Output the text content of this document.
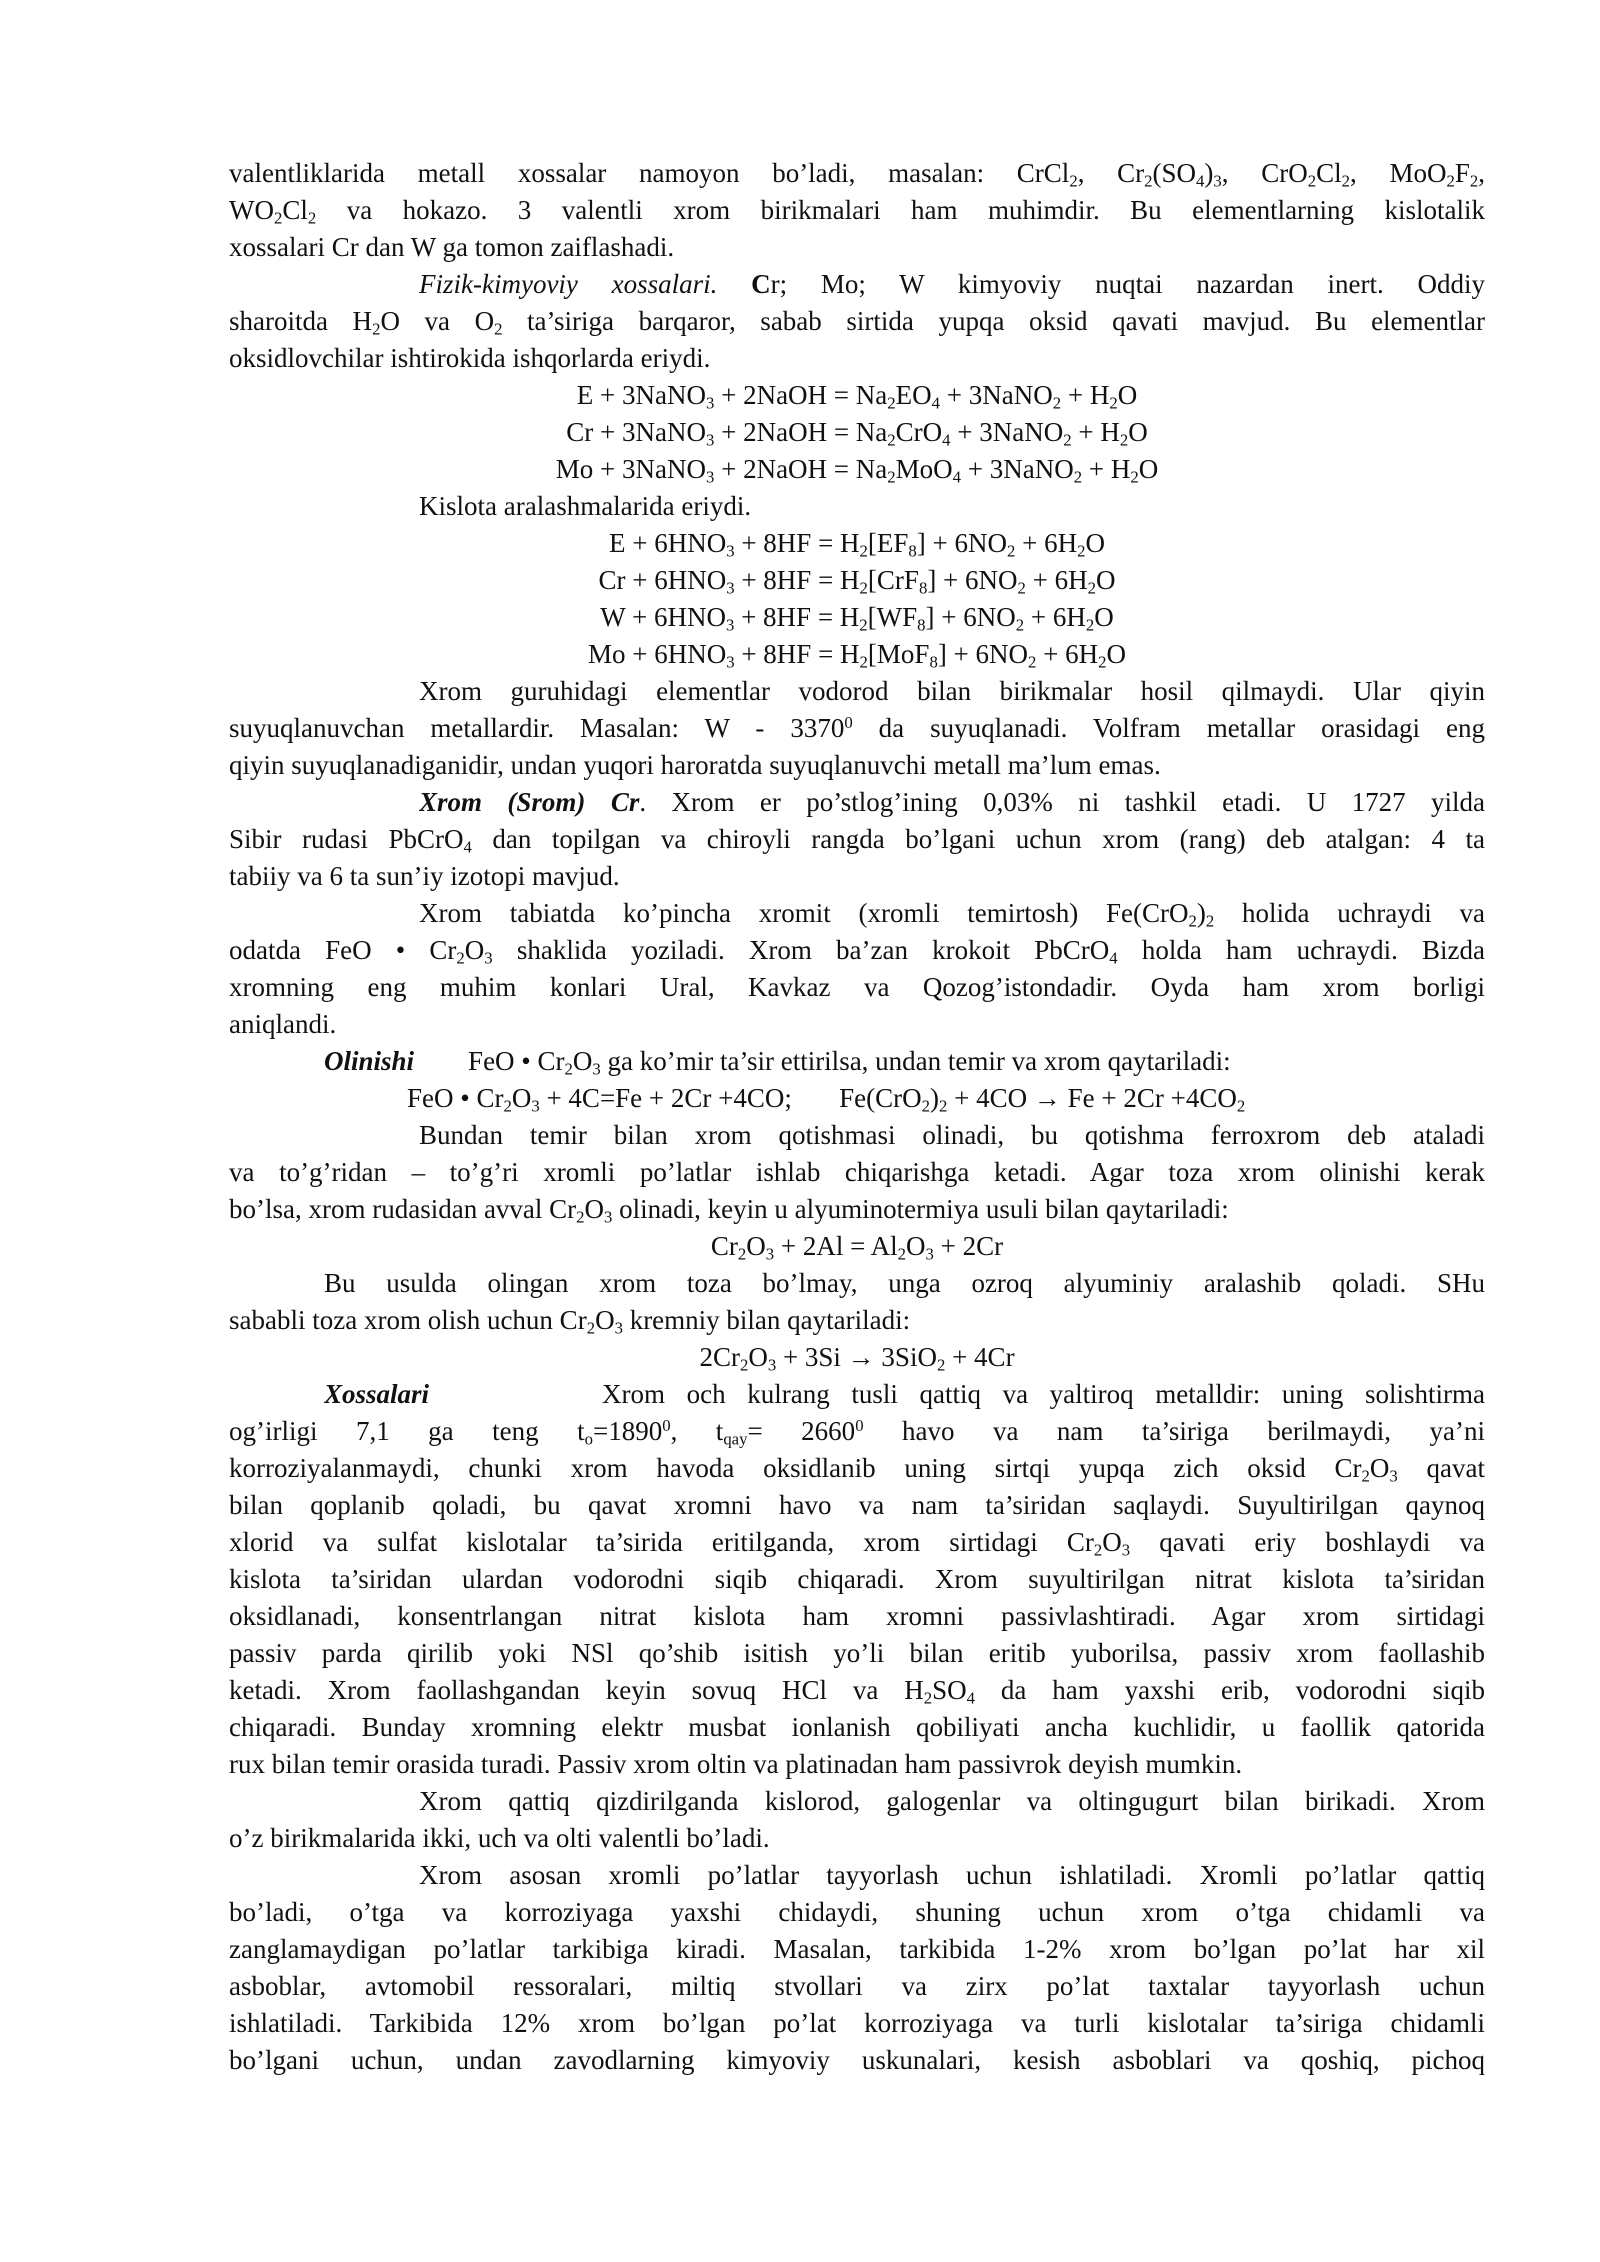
valentliklarida metall xossalar namoyon bo’ladi, masalan: CrCl$_2$, $Cr_2(SO_4)_3$, $CrO_2Cl_2$, $MoO_2F_2$,
$WO_2Cl_2$ va hokazo. 3 valentli xrom birikmalari ham muhimdir. Bu elementlarning kislotalik
xossalari Cr dan W ga tomon zaiflashadi.
Fizik-kimyoviy xossalari. Cr; Mo; W kimyoviy nuqtai nazardan inert. Oddiy
sharoitda $H_2O$ va $O_2$ ta’siriga barqaror, sabab sirtida yupqa oksid qavati mavjud. Bu elementlar
oksidlovchilar ishtirokida ishqorlarda eriydi.
E + 3NaNO$_3$ + 2NaOH = $Na_2EO_4$ + 3NaNO$_2$ + $H_2O$
Cr + 3NaNO$_3$ + 2NaOH = $Na_2CrO_4$ + 3NaNO$_2$ + $H_2O$
Mo + 3NaNO$_3$ + 2NaOH = $Na_2MoO_4$ + 3NaNO$_2$ + $H_2O$
Kislota aralashmalarida eriydi.
$E + 6HNO_3 + 8HF = H_2[EF_8] + 6NO_2 + 6H_2O$
$Cr + 6HNO_3 + 8HF = H_2[CrF_8] + 6NO_2 + 6H_2O$
$W + 6HNO_3 + 8HF = H_2[WF_8] + 6NO_2 + 6H_2O$
$Mo + 6HNO_3 + 8HF = H_2[MoF_8] + 6NO_2 + 6H_2O$
Xrom guruhidagi elementlar vodorod bilan birikmalar hosil qilmaydi. Ular qiyin
suyuqlanuvchan metallardir. Masalan: W - 3370$^0$ da suyuqlanadi. Volfram metallar orasidagi eng
qiyin suyuqlanadiganidir, undan yuqori haroratda suyuqlanuvchi metall ma’lum emas.
Xrom (Srom) Cr. Xrom er po’stlog’ining 0,03% ni tashkil etadi. U 1727 yilda
Sibir rudasi PbCrO$_4$ dan topilgan va chiroyli rangda bo’lgani uchun xrom (rang) deb atalgan: 4 ta
tabiiy va 6 ta sun’iy izotopi mavjud.
Xrom tabiatda ko’pincha xromit (xromli temirtosh) $Fe(CrO_2)_2$ holida uchraydi va
odatda FeO • $Cr_2O_3$ shaklida yoziladi. Xrom ba’zan krokoit PbCrO$_4$ holda ham uchraydi. Bizda
xromning eng muhim konlari Ural, Kavkaz va Qozog’istondadir. Oyda ham xrom borligi
aniqlandi.
Olinishi        FeO • $Cr_2O_3$ ga ko’mir ta’sir ettirilsa, undan temir va xrom qaytariladi:
FeO • $Cr_2O_3 + 4C=Fe + 2Cr +4CO$;       $Fe(CrO_2)_2 + 4CO \to Fe + 2Cr +4CO_2$
Bundan temir bilan xrom qotishmasi olinadi, bu qotishma ferroxrom deb ataladi
va to’g’ridan – to’g’ri xromli po’latlar ishlab chiqarishga ketadi. Agar toza xrom olinishi kerak
bo’lsa, xrom rudasidan avval $Cr_2O_3$ olinadi, keyin u alyuminotermiya usuli bilan qaytariladi:
$Cr_2O_3 + 2Al = Al_2O_3 + 2Cr$
Bu usulda olingan xrom toza bo’lmay, unga ozroq alyuminiy aralashib qoladi. SHu
sababli toza xrom olish uchun $Cr_2O_3$ kremniy bilan qaytariladi:
$2Cr_2O_3 + 3Si \to 3SiO_2 + 4Cr$
Xossalari        Xrom och kulrang tusli qattiq va yaltiroq metalldir: uning solishtirma
og’irligi 7,1 ga teng $t_o=1890^0$, $t_{qay}= 2660^0$ havo va nam ta’siriga berilmaydi, ya’ni
korroziyalanmaydi, chunki xrom havoda oksidlanib uning sirtqi yupqa zich oksid $Cr_2O_3$ qavat
bilan qoplanib qoladi, bu qavat xromni havo va nam ta’siridan saqlaydi. Suyultirilgan qaynoq
xlorid va sulfat kislotalar ta’sirida eritilganda, xrom sirtidagi $Cr_2O_3$ qavati eriy boshlaydi va
kislota ta’siridan ulardan vodorodni siqib chiqaradi. Xrom suyultirilgan nitrat kislota ta’siridan
oksidlanadi, konsentrlangan nitrat kislota ham xromni passivlashtiradi. Agar xrom sirtidagi
passiv parda qirilib yoki NSl qo’shib isitish yo’li bilan eritib yuborilsa, passiv xrom faollashib
ketadi. Xrom faollashgandan keyin sovuq HCl va $H_2SO_4$ da ham yaxshi erib, vodorodni siqib
chiqaradi. Bunday xromning elektr musbat ionlanish qobiliyati ancha kuchlidir, u faollik qatorida
rux bilan temir orasida turadi. Passiv xrom oltin va platinadan ham passivrok deyish mumkin.
Xrom qattiq qizdirilganda kislorod, galogenlar va oltingugurt bilan birikadi. Xrom
o’z birikmalarida ikki, uch va olti valentli bo’ladi.
Xrom asosan xromli po’latlar tayyorlash uchun ishlatiladi. Xromli po’latlar qattiq
bo’ladi, o’tga va korroziyaga yaxshi chidaydi, shuning uchun xrom o’tga chidamli va
zanglamaydigan po’latlar tarkibiga kiradi. Masalan, tarkibida 1-2% xrom bo’lgan po’lat har xil
asboblar, avtomobil ressoralari, miltiq stvollari va zirx po’lat taxtalar tayyorlash uchun
ishlatiladi. Tarkibida 12% xrom bo’lgan po’lat korroziyaga va turli kislotalar ta’siriga chidamli
bo’lgani uchun, undan zavodlarning kimyoviy uskunalari, kesish asboblari va qoshiq, pichoq
